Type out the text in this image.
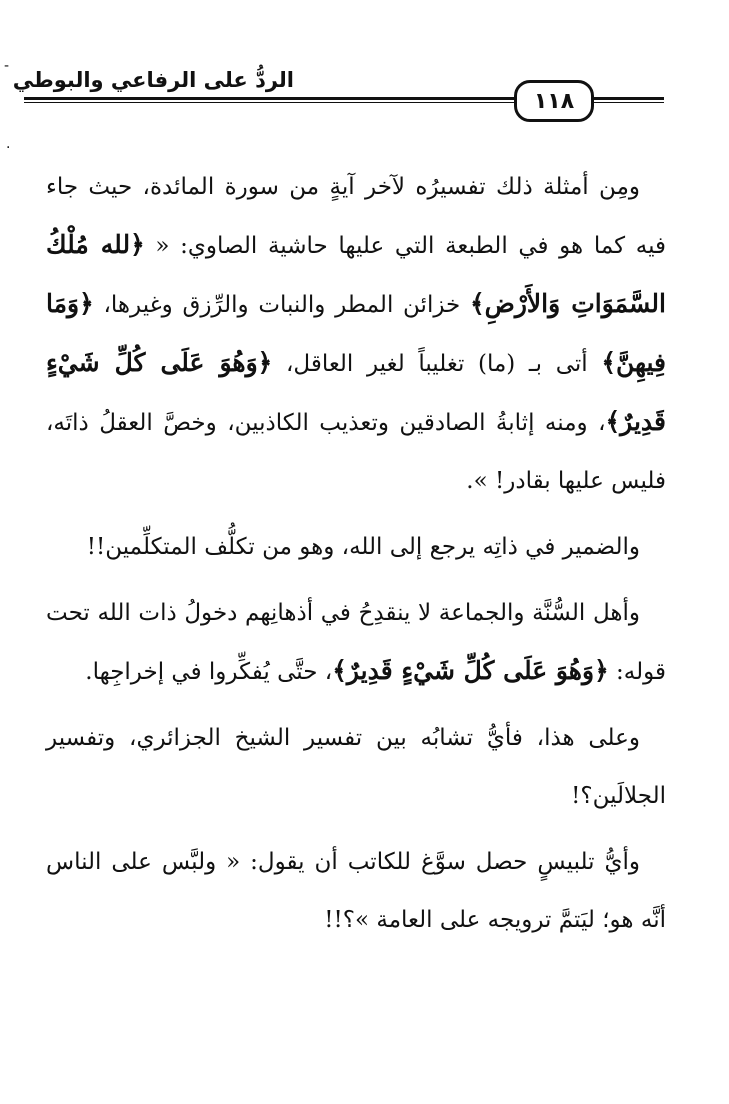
الردُّ على الرفاعي والبوطي
١١٨
-
.

ومِن أمثلة ذلك تفسيرُه لآخر آيةٍ من سورة المائدة، حيث جاء فيه كما هو في الطبعة التي عليها حاشية الصاوي: « ﴿لله مُلْكُ السَّمَوَاتِ وَالأَرْضِ﴾ خزائن المطر والنبات والرِّزق وغيرها، ﴿وَمَا فِيهِنَّ﴾ أتى بـ (ما) تغليباً لغير العاقل، ﴿وَهُوَ عَلَى كُلِّ شَيْءٍ قَدِيرٌ﴾، ومنه إثابةُ الصادقين وتعذيب الكاذبين، وخصَّ العقلُ ذاتَه، فليس عليها بقادر! ».

والضمير في ذاتِه يرجع إلى الله، وهو من تكلُّف المتكلِّمين!!

وأهل السُّنَّة والجماعة لا ينقدِحُ في أذهانِهم دخولُ ذات الله تحت قوله: ﴿وَهُوَ عَلَى كُلِّ شَيْءٍ قَدِيرٌ﴾، حتَّى يُفكِّروا في إخراجِها.

وعلى هذا، فأيُّ تشابُه بين تفسير الشيخ الجزائري، وتفسير الجلالَين؟!

وأيُّ تلبيسٍ حصل سوَّغ للكاتب أن يقول: « ولبَّس على الناس أنَّه هو؛ ليَتمَّ ترويجه على العامة »؟!!
